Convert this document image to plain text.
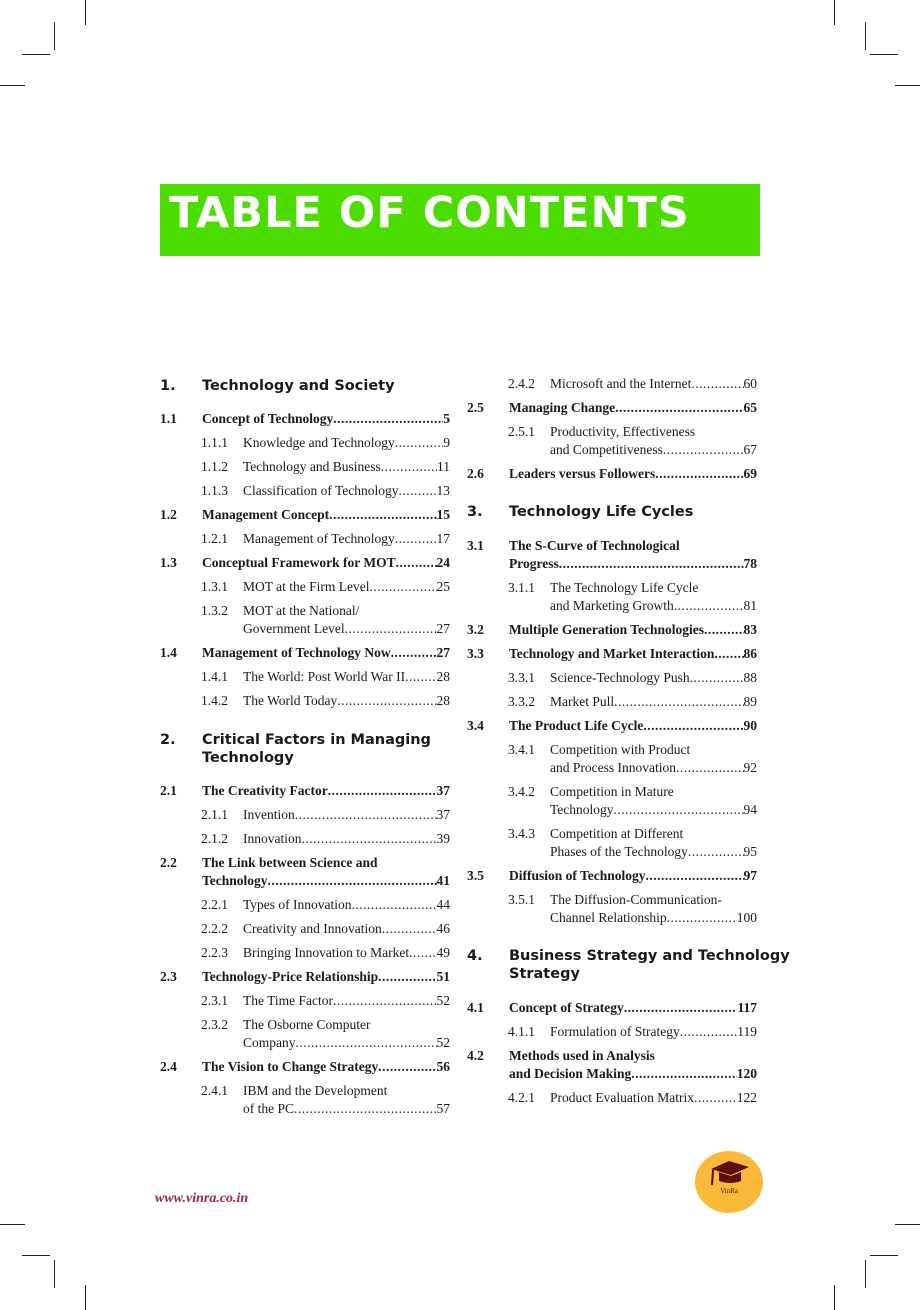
TABLE OF CONTENTS
1. Technology and Society
1.1 Concept of Technology .....	5
1.1.1 Knowledge and Technology .....	9
1.1.2 Technology and Business .....	11
1.1.3 Classification of Technology .....	13
1.2 Management Concept .....	15
1.2.1 Management of Technology .....	17
1.3 Conceptual Framework for MOT .....	24
1.3.1 MOT at the Firm Level .....	25
1.3.2 MOT at the National/
Government Level .....	27
1.4 Management of Technology Now .....	27
1.4.1 The World: Post World War II ..... 28
1.4.2 The World Today .....	28
2. Critical Factors in Managing
Technology
2.1 The Creativity Factor .....	37
2.1.1 Invention .....	37
2.1.2 Innovation .....	39
2.2 The Link between Science and
Technology .....	41
2.2.1 Types of Innovation .....	44
2.2.2 Creativity and Innovation .....	46
2.2.3 Bringing Innovation to Market ..... 49
2.3 Technology-Price Relationship .....	51
2.3.1 The Time Factor .....	52
2.3.2 The Osborne Computer
Company .....	52
2.4 The Vision to Change Strategy .....	56
2.4.1 IBM and the Development
of the PC .....	57
2.4.2 Microsoft and the Internet .....	60
2.5 Managing Change .....	65
2.5.1 Productivity, Effectiveness
and Competitiveness .....	67
2.6 Leaders versus Followers .....	69
3. Technology Life Cycles
3.1 The S-Curve of Technological
Progress .....	78
3.1.1 The Technology Life Cycle
and Marketing Growth .....	81
3.2 Multiple Generation Technologies .....	83
3.3 Technology and Market Interaction ..... 86
3.3.1 Science-Technology Push .....	88
3.3.2 Market Pull .....	89
3.4 The Product Life Cycle .....	90
3.4.1 Competition with Product
and Process Innovation .....	92
3.4.2 Competition in Mature
Technology .....	94
3.4.3 Competition at Different
Phases of the Technology .....	95
3.5 Diffusion of Technology .....	97
3.5.1 The Diffusion-Communication-
Channel Relationship .....	100
4. Business Strategy and Technology
Strategy
4.1 Concept of Strategy .....	117
4.1.1 Formulation of Strategy .....	119
4.2 Methods used in Analysis
and Decision Making .....	120
4.2.1 Product Evaluation Matrix .....	122
www.vinra.co.in	VinRa
